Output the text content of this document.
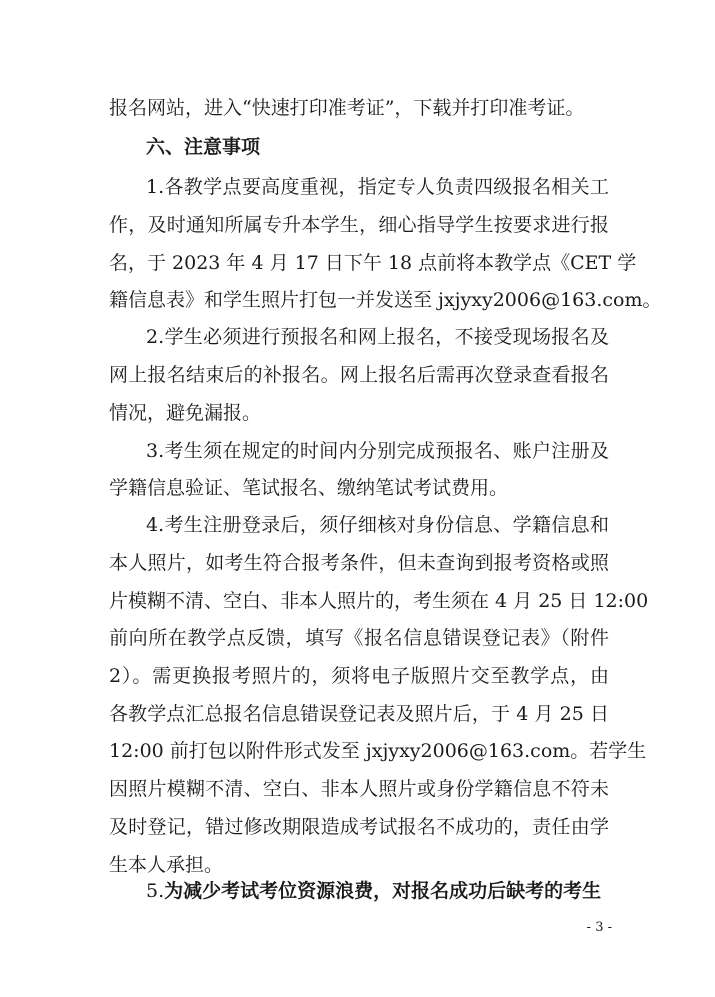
报名网站，进入“快速打印准考证”，下载并打印准考证。
六、注意事项
1.各教学点要高度重视，指定专人负责四级报名相关工
作，及时通知所属专升本学生，细心指导学生按要求进行报
名，于 2023 年 4 月 17 日下午 18 点前将本教学点《CET 学
籍信息表》和学生照片打包一并发送至 jxjyxy2006@163.com。
2.学生必须进行预报名和网上报名，不接受现场报名及
网上报名结束后的补报名。网上报名后需再次登录查看报名
情况，避免漏报。
3.考生须在规定的时间内分别完成预报名、账户注册及
学籍信息验证、笔试报名、缴纳笔试考试费用。
4.考生注册登录后，须仔细核对身份信息、学籍信息和
本人照片，如考生符合报考条件，但未查询到报考资格或照
片模糊不清、空白、非本人照片的，考生须在 4 月 25 日 12:00
前向所在教学点反馈，填写《报名信息错误登记表》（附件
2）。需更换报考照片的，须将电子版照片交至教学点，由
各教学点汇总报名信息错误登记表及照片后，于 4 月 25 日
12:00 前打包以附件形式发至 jxjyxy2006@163.com。若学生
因照片模糊不清、空白、非本人照片或身份学籍信息不符未
及时登记，错过修改期限造成考试报名不成功的，责任由学
生本人承担。
5.为减少考试考位资源浪费，对报名成功后缺考的考生
- 3 -
